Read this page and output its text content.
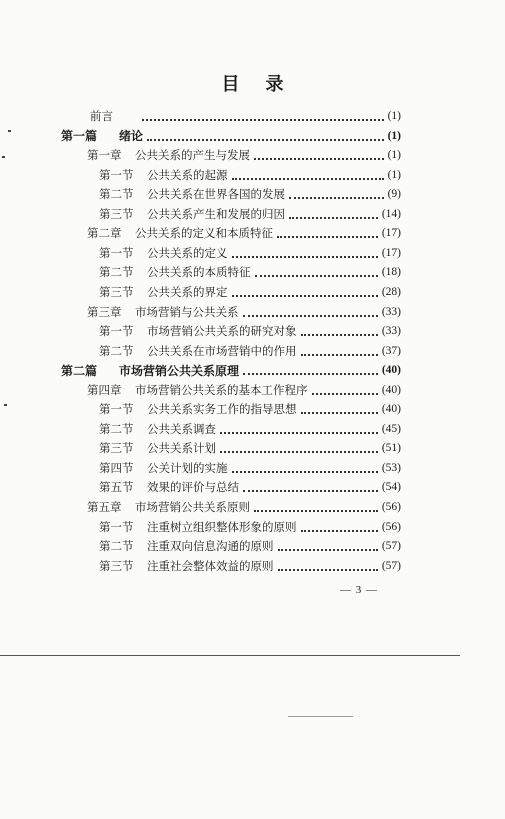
目 录
前言	(1)
第一篇	绪论	(1)
第一章	公共关系的产生与发展	(1)
第一节	公共关系的起源	(1)
第二节	公共关系在世界各国的发展	(9)
第三节	公共关系产生和发展的归因	(14)
第二章	公共关系的定义和本质特征	(17)
第一节	公共关系的定义	(17)
第二节	公共关系的本质特征	(18)
第三节	公共关系的界定	(28)
第三章	市场营销与公共关系	(33)
第一节	市场营销公共关系的研究对象	(33)
第二节	公共关系在市场营销中的作用	(37)
第二篇	市场营销公共关系原理	(40)
第四章	市场营销公共关系的基本工作程序	(40)
第一节	公共关系实务工作的指导思想	(40)
第二节	公共关系调查	(45)
第三节	公共关系计划	(51)
第四节	公关计划的实施	(53)
第五节	效果的评价与总结	(54)
第五章	市场营销公共关系原则	(56)
第一节	注重树立组织整体形象的原则	(56)
第二节	注重双向信息沟通的原则	(57)
第三节	注重社会整体效益的原则	(57)
— 3 —
